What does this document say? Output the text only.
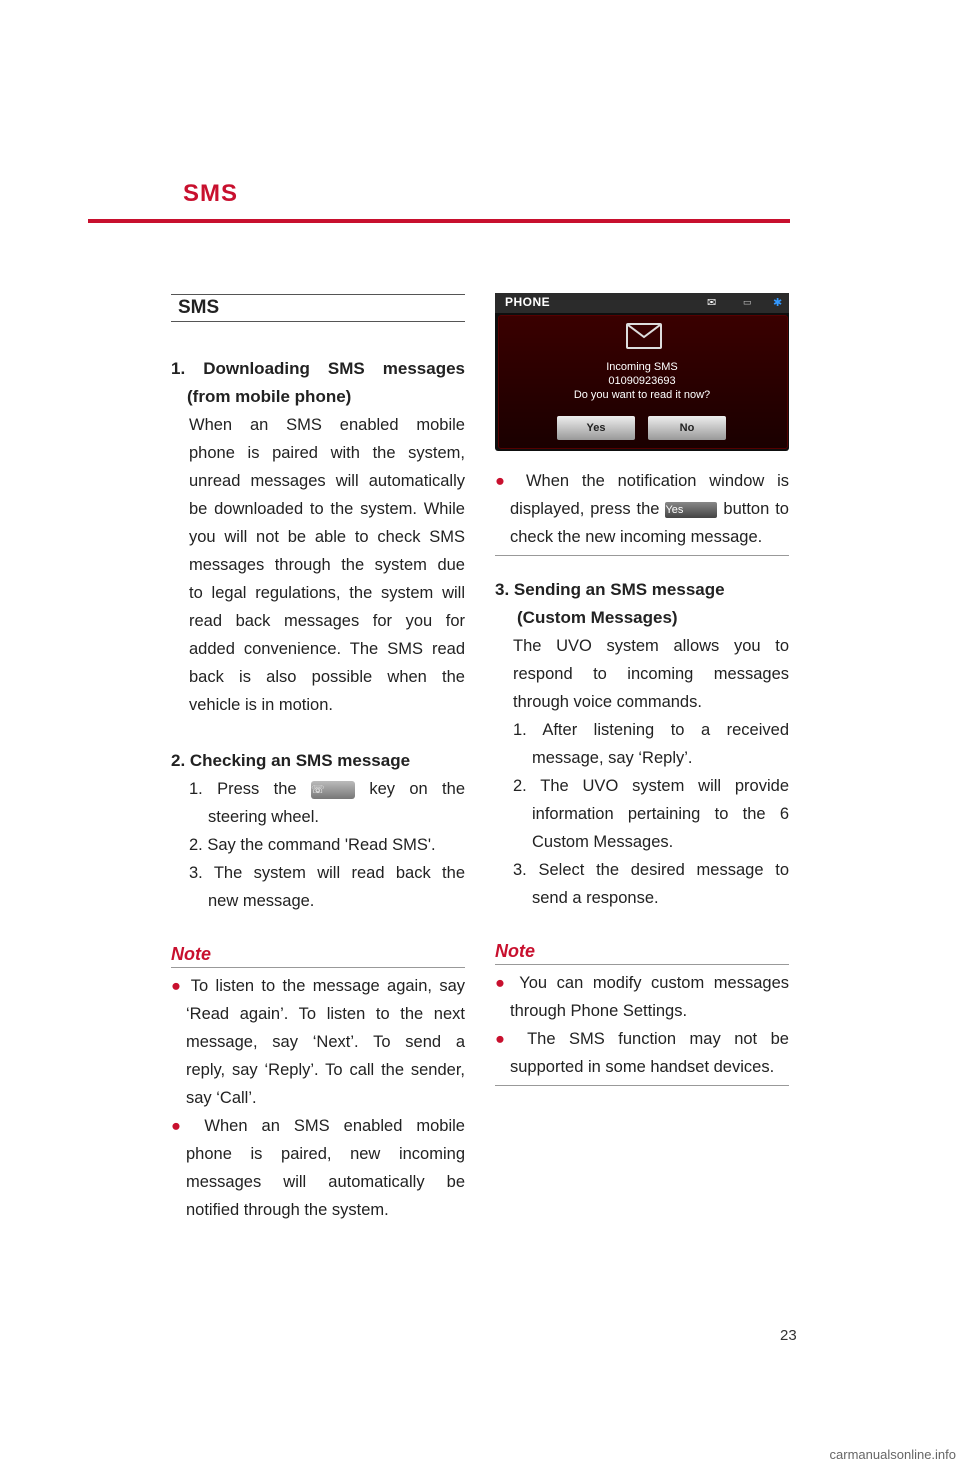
SMS
SMS

1. Downloading SMS messages

(from mobile phone)

When an SMS enabled mobile

phone is paired with the system,

unread messages will automatically

be downloaded to the system. While

you will not be able to check SMS

messages through the system due

to legal regulations, the system will

read back messages for you for

added convenience. The SMS read

back is also possible when the

vehicle is in motion.

2. Checking an SMS message

1. Press the ☏	key on the

steering wheel.

2. Say the command 'Read SMS'.

3. The system will read back the

new message.

Note

● To listen to the message again, say

‘Read again’. To listen to the next

message, say ‘Next’. To send a

reply, say ‘Reply’. To call the sender,

say ‘Call’.

● When an SMS enabled mobile

phone is paired, new incoming

messages will automatically be

notified through the system.

PHONE	✉	▭ ✱
Incoming SMS
01090923693
Do you want to read it now?
Yes	No

● When the notification window is

displayed, press the Yes button to

check the new incoming message.

3. Sending an SMS message

(Custom Messages)

The UVO system allows you to

respond to incoming messages

through voice commands.

1. After listening to a received

message, say ‘Reply’.

2. The UVO system will provide

information pertaining to the 6

Custom Messages.

3. Select the desired message to

send a response.

Note

● You can modify custom messages

through Phone Settings.

● The SMS function may not be

supported in some handset devices.

23
carmanualsonline.info
